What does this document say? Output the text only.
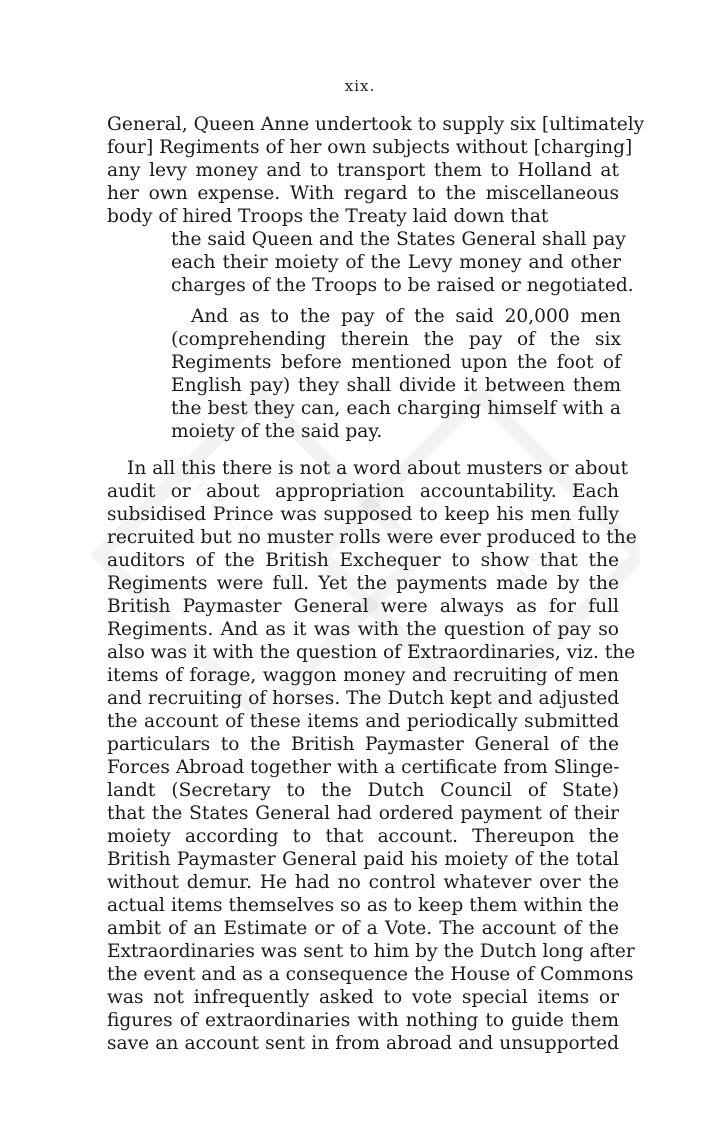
ENTITLEMENTS	HISTORY
xix.
General, Queen Anne undertook to supply six [ultimately
four] Regiments of her own subjects without [charging]
any levy money and to transport them to Holland at
her own expense. With regard to the miscellaneous
body of hired Troops the Treaty laid down that
the said Queen and the States General shall pay
each their moiety of the Levy money and other
charges of the Troops to be raised or negotiated.
And as to the pay of the said 20,000 men
(comprehending therein the pay of the six
Regiments before mentioned upon the foot of
English pay) they shall divide it between them
the best they can, each charging himself with a
moiety of the said pay.
In all this there is not a word about musters or about
audit or about appropriation accountability. Each
subsidised Prince was supposed to keep his men fully
recruited but no muster rolls were ever produced to the
auditors of the British Exchequer to show that the
Regiments were full. Yet the payments made by the
British Paymaster General were always as for full
Regiments. And as it was with the question of pay so
also was it with the question of Extraordinaries, viz. the
items of forage, waggon money and recruiting of men
and recruiting of horses. The Dutch kept and adjusted
the account of these items and periodically submitted
particulars to the British Paymaster General of the
Forces Abroad together with a certificate from Slinge-
landt (Secretary to the Dutch Council of State)
that the States General had ordered payment of their
moiety according to that account. Thereupon the
British Paymaster General paid his moiety of the total
without demur. He had no control whatever over the
actual items themselves so as to keep them within the
ambit of an Estimate or of a Vote. The account of the
Extraordinaries was sent to him by the Dutch long after
the event and as a consequence the House of Commons
was not infrequently asked to vote special items or
figures of extraordinaries with nothing to guide them
save an account sent in from abroad and unsupported
